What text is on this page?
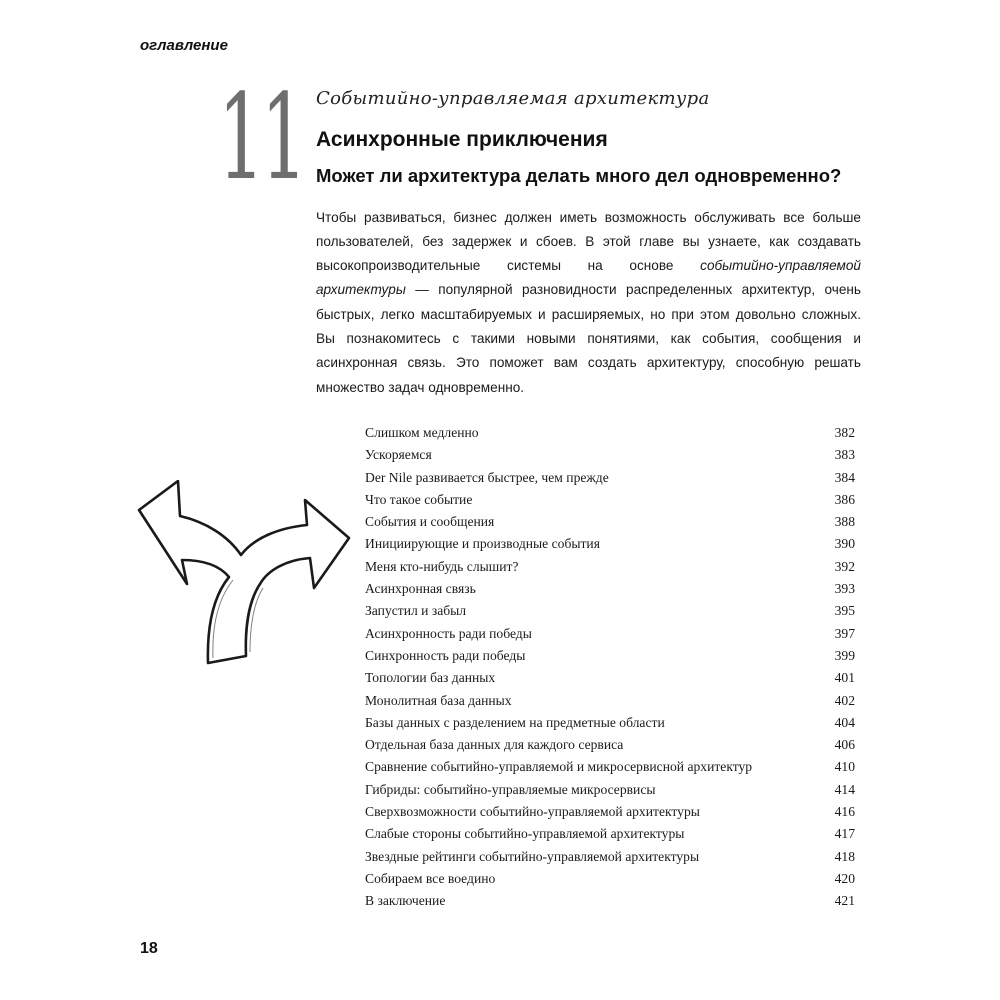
оглавление
11 Событийно-управляемая архитектура
Асинхронные приключения
Может ли архитектура делать много дел одновременно?

Чтобы развиваться, бизнес должен иметь возможность обслуживать все больше пользователей, без задержек и сбоев. В этой главе вы узнаете, как создавать высокопроизводительные системы на основе событийно-управляемой архитектуры — популярной разновидности распределенных архитектур, очень быстрых, легко масштабируемых и расширяемых, но при этом довольно сложных. Вы познакомитесь с такими новыми понятиями, как события, сообщения и асинхронная связь. Это поможет вам создать архитектуру, способную решать множество задач одновременно.

Слишком медленно	382
Ускоряемся	383
Der Nile развивается быстрее, чем прежде	384
Что такое событие	386
События и сообщения	388
Инициирующие и производные события	390
Меня кто-нибудь слышит?	392
Асинхронная связь	393
Запустил и забыл	395
Асинхронность ради победы	397
Синхронность ради победы	399
Топологии баз данных	401
Монолитная база данных	402
Базы данных с разделением на предметные области	404
Отдельная база данных для каждого сервиса	406
Сравнение событийно-управляемой и микросервисной архитектур	410
Гибриды: событийно-управляемые микросервисы	414
Сверхвозможности событийно-управляемой архитектуры	416
Слабые стороны событийно-управляемой архитектуры	417
Звездные рейтинги событийно-управляемой архитектуры	418
Собираем все воедино	420
В заключение	421
18
